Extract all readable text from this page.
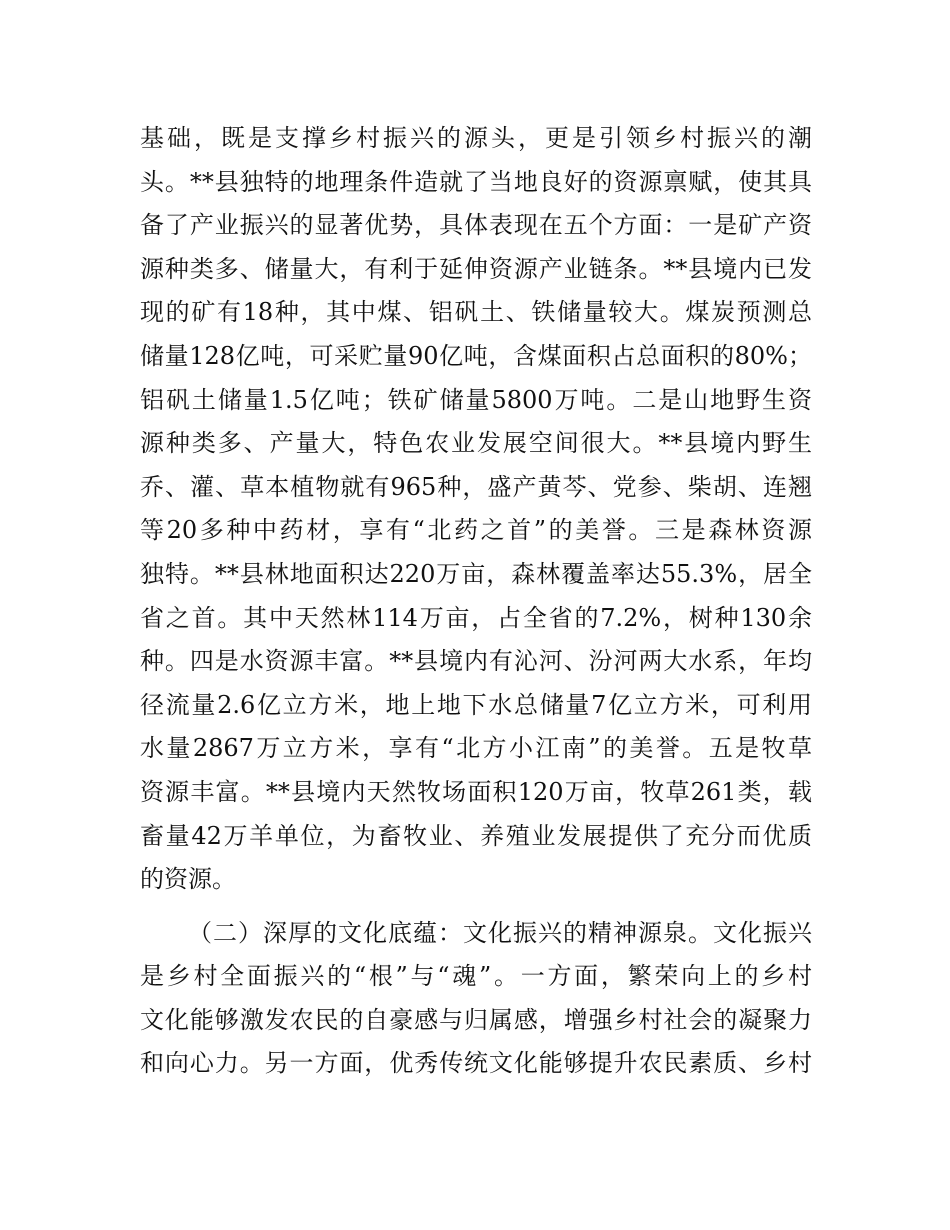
基础，既是支撑乡村振兴的源头，更是引领乡村振兴的潮
头。**县独特的地理条件造就了当地良好的资源禀赋，使其具
备了产业振兴的显著优势，具体表现在五个方面：一是矿产资
源种类多、储量大，有利于延伸资源产业链条。**县境内已发
现的矿有18种，其中煤、铝矾土、铁储量较大。煤炭预测总
储量128亿吨，可采贮量90亿吨，含煤面积占总面积的80%；
铝矾土储量1.5亿吨；铁矿储量5800万吨。二是山地野生资
源种类多、产量大，特色农业发展空间很大。**县境内野生
乔、灌、草本植物就有965种，盛产黄芩、党参、柴胡、连翘
等20多种中药材，享有“北药之首”的美誉。三是森林资源
独特。**县林地面积达220万亩，森林覆盖率达55.3%，居全
省之首。其中天然林114万亩，占全省的7.2%，树种130余
种。四是水资源丰富。**县境内有沁河、汾河两大水系，年均
径流量2.6亿立方米，地上地下水总储量7亿立方米，可利用
水量2867万立方米，享有“北方小江南”的美誉。五是牧草
资源丰富。**县境内天然牧场面积120万亩，牧草261类，载
畜量42万羊单位，为畜牧业、养殖业发展提供了充分而优质
的资源。
（二）深厚的文化底蕴：文化振兴的精神源泉。文化振兴
是乡村全面振兴的“根”与“魂”。一方面，繁荣向上的乡村
文化能够激发农民的自豪感与归属感，增强乡村社会的凝聚力
和向心力。另一方面，优秀传统文化能够提升农民素质、乡村
